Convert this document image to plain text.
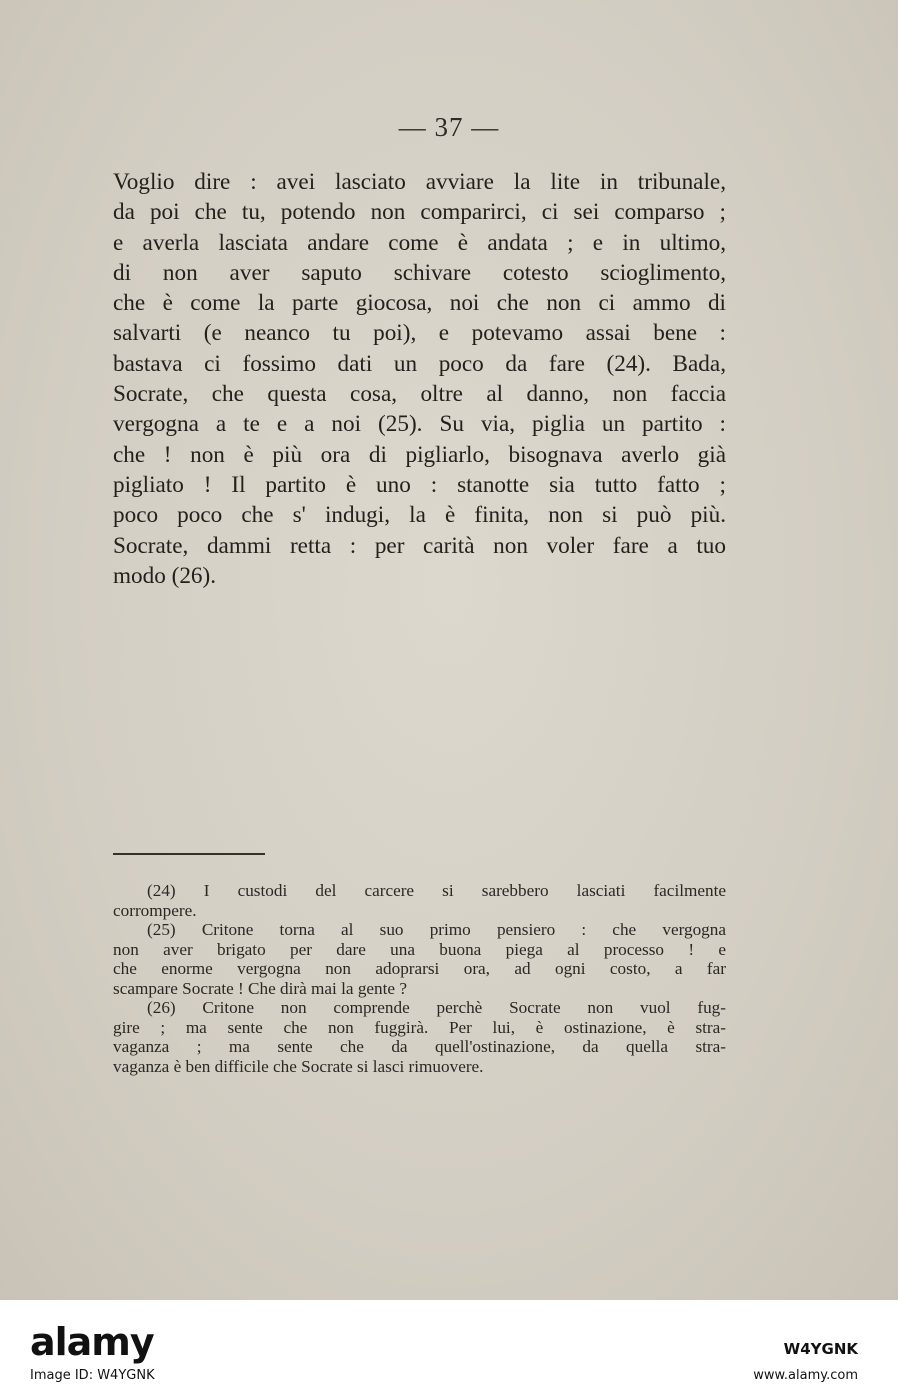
— 37 —
Voglio dire : avei lasciato avviare la lite in tribunale,
da poi che tu, potendo non comparirci, ci sei comparso ;
e averla lasciata andare come è andata ; e in ultimo,
di non aver saputo schivare cotesto scioglimento,
che è come la parte giocosa, noi che non ci ammo di
salvarti (e neanco tu poi), e potevamo assai bene :
bastava ci fossimo dati un poco da fare (24). Bada,
Socrate, che questa cosa, oltre al danno, non faccia
vergogna a te e a noi (25). Su via, piglia un partito :
che ! non è più ora di pigliarlo, bisognava averlo già
pigliato ! Il partito è uno : stanotte sia tutto fatto ;
poco poco che s' indugi, la è finita, non si può più.
Socrate, dammi retta : per carità non voler fare a tuo
modo (26).
(24) I custodi del carcere si sarebbero lasciati facilmente
corrompere.
(25) Critone torna al suo primo pensiero : che vergogna
non aver brigato per dare una buona piega al processo ! e
che enorme vergogna non adoprarsi ora, ad ogni costo, a far
scampare Socrate ! Che dirà mai la gente ?
(26) Critone non comprende perchè Socrate non vuol fug-
gire ; ma sente che non fuggirà. Per lui, è ostinazione, è stra-
vaganza ; ma sente che da quell'ostinazione, da quella stra-
vaganza è ben difficile che Socrate si lasci rimuovere.
alamy
Image ID: W4YGNK
W4YGNK
www.alamy.com
